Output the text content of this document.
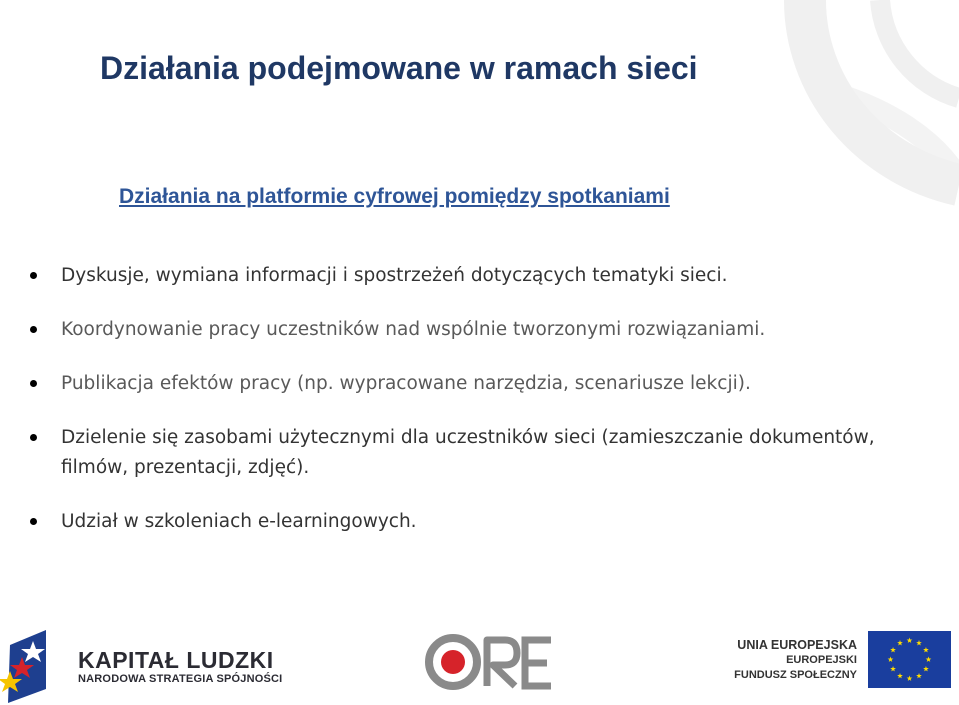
Działania podejmowane w ramach sieci
Działania na platformie cyfrowej pomiędzy spotkaniami
Dyskusje, wymiana informacji i spostrzeżeń dotyczących tematyki sieci.
Koordynowanie pracy uczestników nad wspólnie tworzonymi rozwiązaniami.
Publikacja efektów pracy (np. wypracowane narzędzia, scenariusze lekcji).
Dzielenie się zasobami użytecznymi dla uczestników sieci (zamieszczanie dokumentów, filmów, prezentacji, zdjęć).
Udział w szkoleniach e-learningowych.
KAPITAŁ LUDZKI
NARODOWA STRATEGIA SPÓJNOŚCI
UNIA EUROPEJSKA
EUROPEJSKI
FUNDUSZ SPOŁECZNY
